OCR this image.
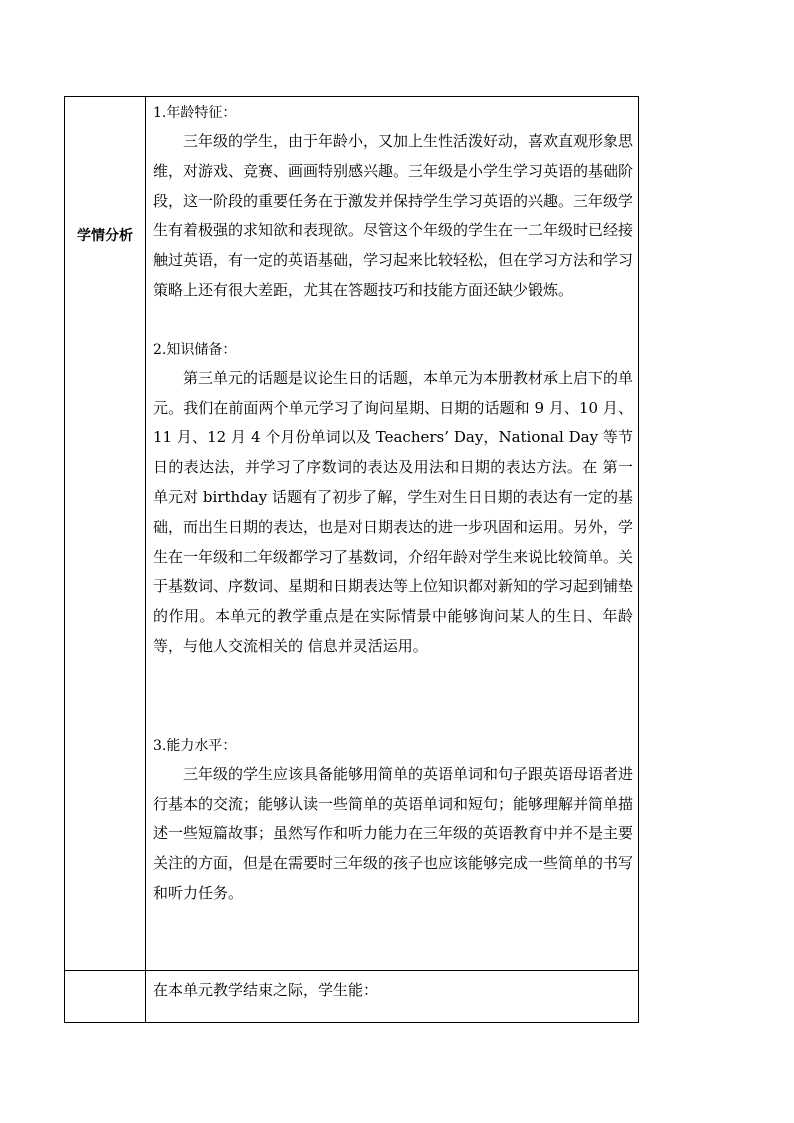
学情分析
1.年龄特征：

三年级的学生，由于年龄小，又加上生性活泼好动，喜欢直观形象思维，对游戏、竞赛、画画特别感兴趣。三年级是小学生学习英语的基础阶段，这一阶段的重要任务在于激发并保持学生学习英语的兴趣。三年级学生有着极强的求知欲和表现欲。尽管这个年级的学生在一二年级时已经接触过英语，有一定的英语基础，学习起来比较轻松，但在学习方法和学习策略上还有很大差距，尤其在答题技巧和技能方面还缺少锻炼。

2.知识储备：

第三单元的话题是议论生日的话题，本单元为本册教材承上启下的单元。我们在前面两个单元学习了询问星期、日期的话题和 9 月、10 月、11 月、12 月 4 个月份单词以及 Teachers’ Day，National Day 等节日的表达法，并学习了序数词的表达及用法和日期的表达方法。在 第一单元对 birthday 话题有了初步了解，学生对生日日期的表达有一定的基础，而出生日期的表达，也是对日期表达的进一步巩固和运用。另外，学生在一年级和二年级都学习了基数词，介绍年龄对学生来说比较简单。关于基数词、序数词、星期和日期表达等上位知识都对新知的学习起到铺垫的作用。本单元的教学重点是在实际情景中能够询问某人的生日、年龄等，与他人交流相关的 信息并灵活运用。

3.能力水平：

三年级的学生应该具备能够用简单的英语单词和句子跟英语母语者进行基本的交流；能够认读一些简单的英语单词和短句；能够理解并简单描述一些短篇故事；虽然写作和听力能力在三年级的英语教育中并不是主要关注的方面，但是在需要时三年级的孩子也应该能够完成一些简单的书写和听力任务。

在本单元教学结束之际，学生能：
